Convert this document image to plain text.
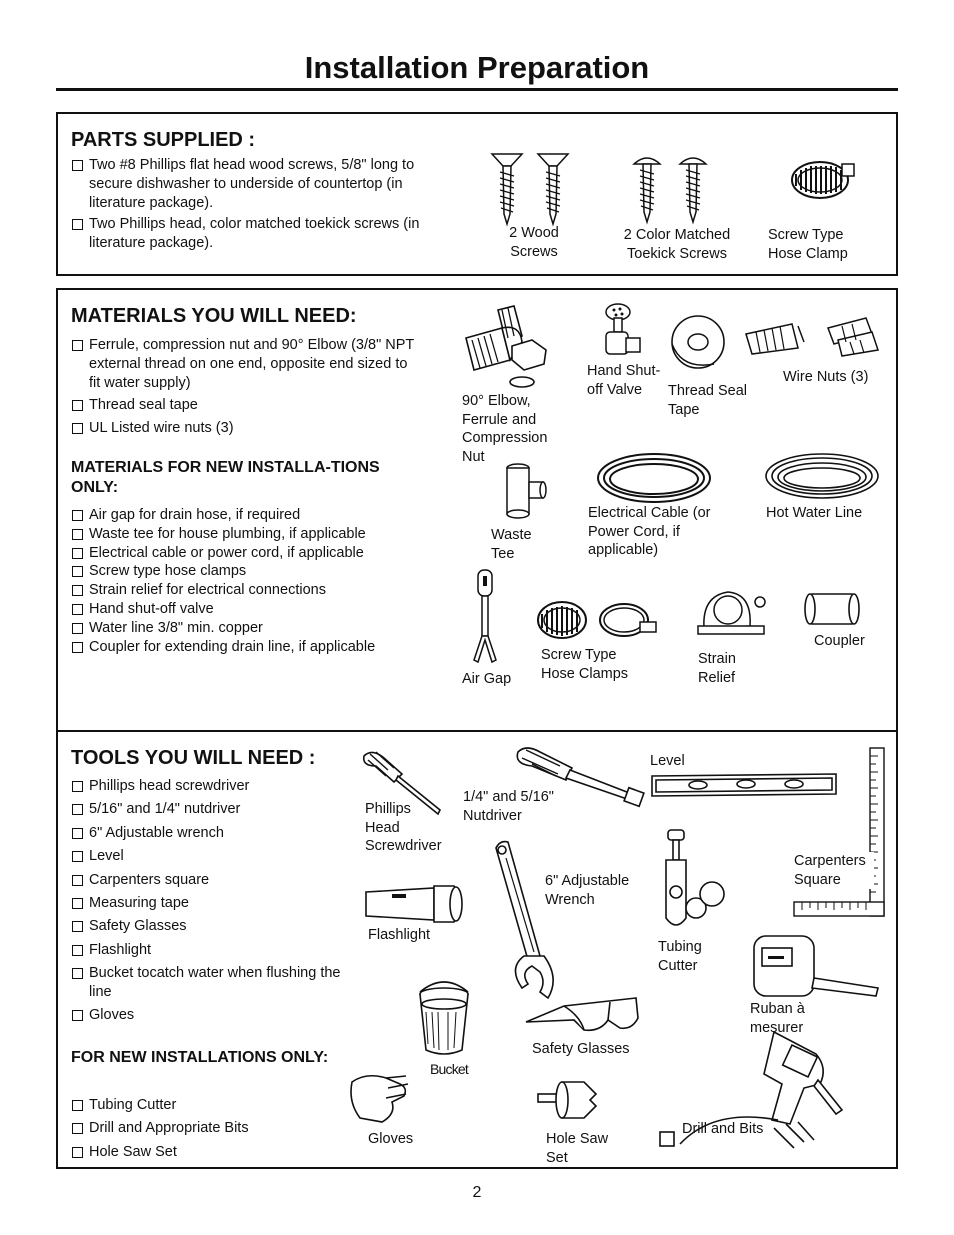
Installation Preparation
PARTS SUPPLIED :
Two #8 Phillips flat head wood screws, 5/8" long to secure dishwasher to underside of countertop (in literature package).
Two Phillips head, color matched toekick screws (in literature package).
2 Wood Screws
2 Color Matched Toekick Screws
Screw Type Hose Clamp
MATERIALS YOU WILL NEED:
Ferrule, compression nut and 90° Elbow (3/8" NPT external thread on one end, opposite end sized to fit water supply)
Thread seal tape
UL Listed wire nuts (3)
MATERIALS FOR NEW INSTALLA-TIONS ONLY:
Air gap for drain hose, if required
Waste tee for house plumbing, if applicable
Electrical cable or power cord, if applicable
Screw type hose clamps
Strain relief for electrical connections
Hand shut-off valve
Water line 3/8" min. copper
Coupler for extending drain line, if applicable
90° Elbow, Ferrule and Compression Nut
Hand Shut-off Valve	Thread Seal Tape
Wire Nuts (3)
Waste Tee
Electrical Cable (or Power Cord, if applicable)
Hot Water Line
Air Gap
Screw Type Hose Clamps
Strain Relief
Coupler
TOOLS YOU WILL NEED :
Phillips head screwdriver
5/16" and 1/4" nutdriver
6" Adjustable wrench
Level
Carpenters square
Measuring tape
Safety Glasses
Flashlight
Bucket tocatch water when flushing the line
Gloves
FOR NEW INSTALLATIONS ONLY:
Tubing Cutter
Drill and Appropriate Bits
Hole Saw Set
Phillips Head Screwdriver
1/4" and 5/16" Nutdriver
Level
Carpenters Square
6" Adjustable Wrench
Tubing Cutter
Flashlight
Ruban à mesurer
Bucket
Safety Glasses
Gloves	Hole Saw Set
Drill and Bits
2
